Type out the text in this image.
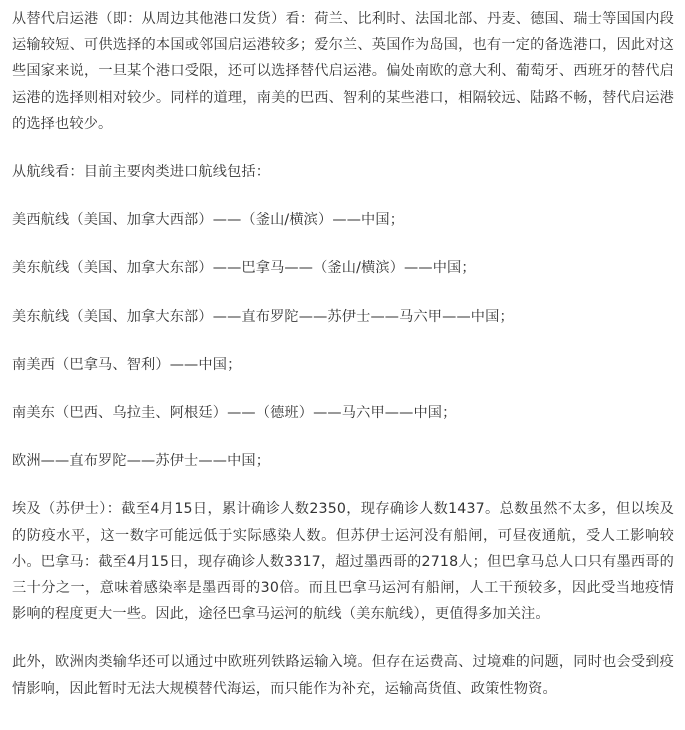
从替代启运港（即：从周边其他港口发货）看：荷兰、比利时、法国北部、丹麦、德国、瑞士等国国内段运输较短、可供选择的本国或邻国启运港较多；爱尔兰、英国作为岛国，也有一定的备选港口，因此对这些国家来说，一旦某个港口受限，还可以选择替代启运港。偏处南欧的意大利、葡萄牙、西班牙的替代启运港的选择则相对较少。同样的道理，南美的巴西、智利的某些港口，相隔较远、陆路不畅，替代启运港的选择也较少。

从航线看：目前主要肉类进口航线包括：

美西航线（美国、加拿大西部）——（釜山/横滨）——中国；

美东航线（美国、加拿大东部）——巴拿马——（釜山/横滨）——中国；

美东航线（美国、加拿大东部）——直布罗陀——苏伊士——马六甲——中国；

南美西（巴拿马、智利）——中国；

南美东（巴西、乌拉圭、阿根廷）——（德班）——马六甲——中国；

欧洲——直布罗陀——苏伊士——中国；

埃及（苏伊士）：截至4月15日，累计确诊人数2350，现存确诊人数1437。总数虽然不太多，但以埃及的防疫水平，这一数字可能远低于实际感染人数。但苏伊士运河没有船闸，可昼夜通航，受人工影响较小。巴拿马：截至4月15日，现存确诊人数3317，超过墨西哥的2718人；但巴拿马总人口只有墨西哥的三十分之一，意味着感染率是墨西哥的30倍。而且巴拿马运河有船闸，人工干预较多，因此受当地疫情影响的程度更大一些。因此，途径巴拿马运河的航线（美东航线），更值得多加关注。

此外，欧洲肉类输华还可以通过中欧班列铁路运输入境。但存在运费高、过境难的问题，同时也会受到疫情影响，因此暂时无法大规模替代海运，而只能作为补充，运输高货值、政策性物资。
